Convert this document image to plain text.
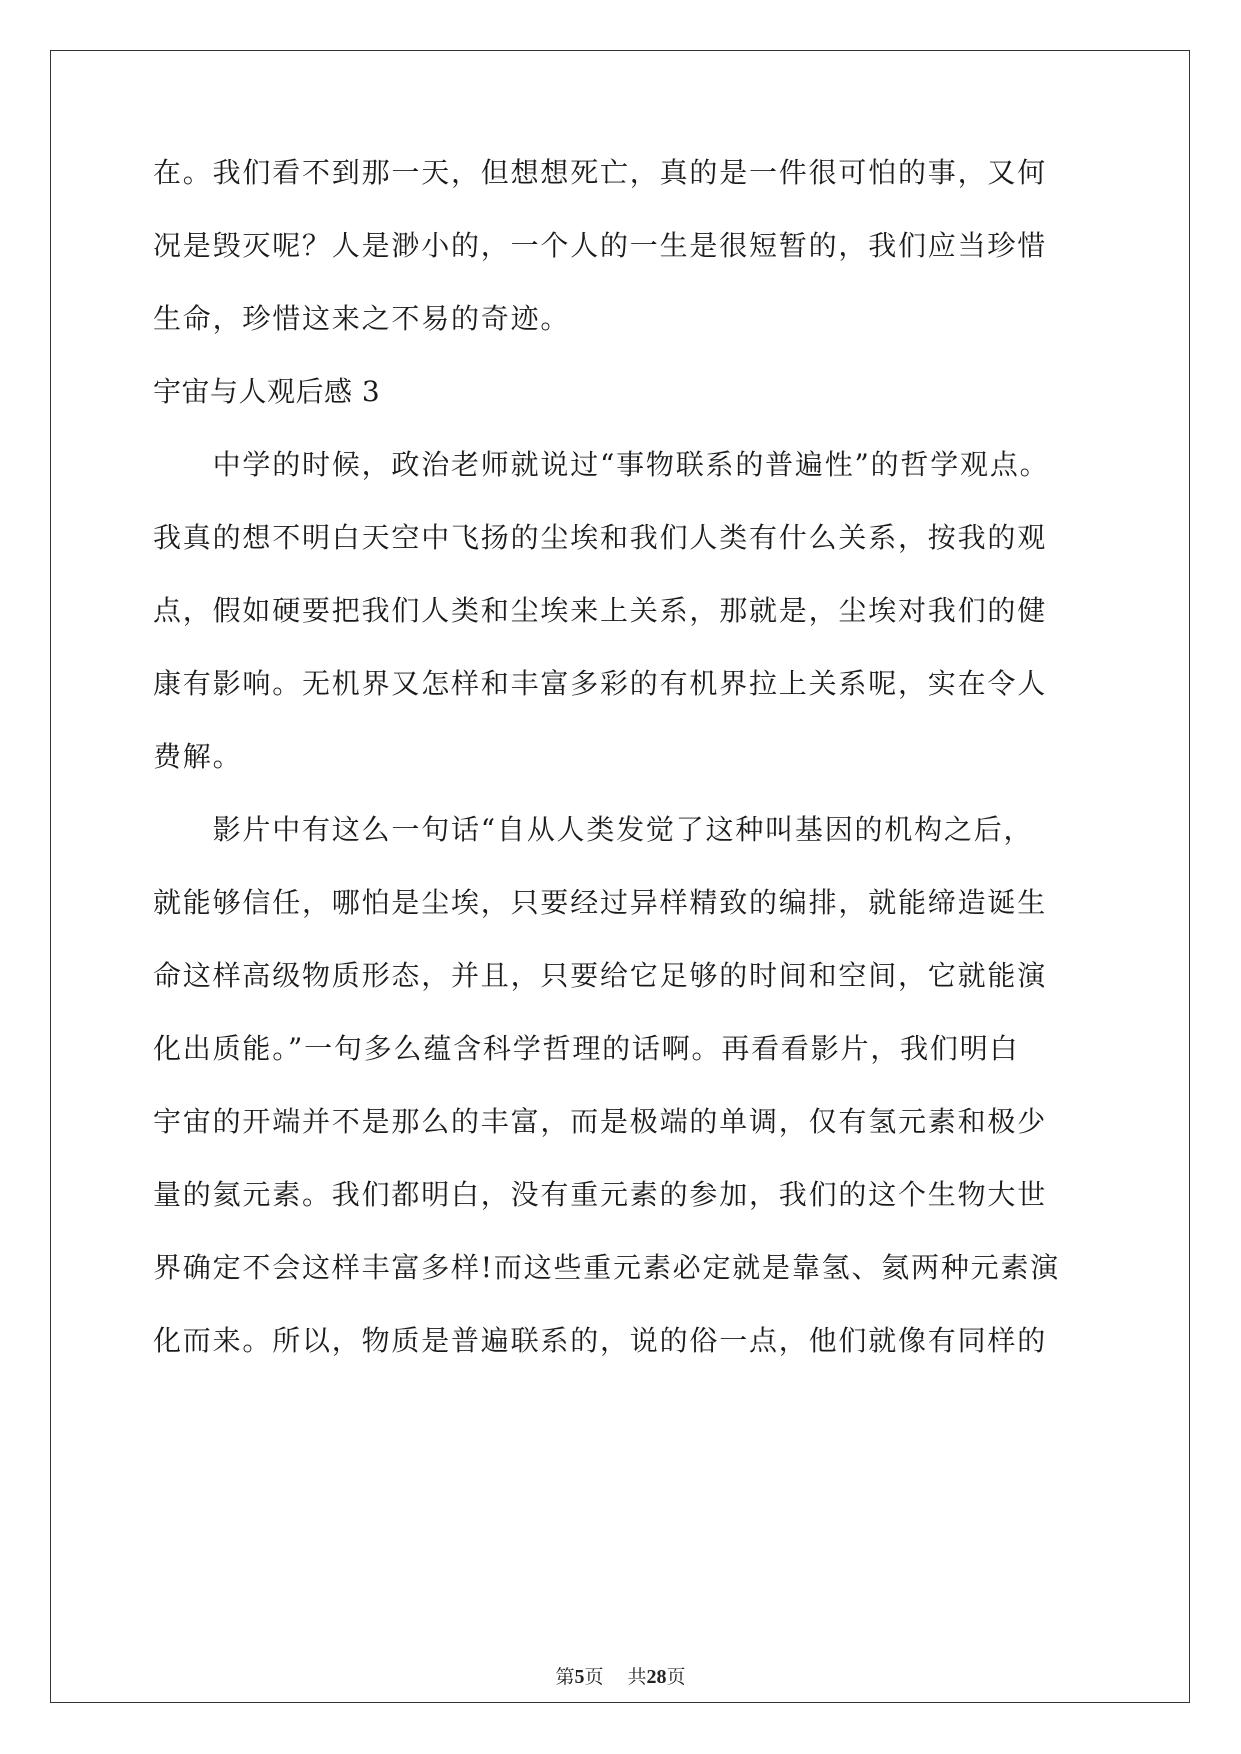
在。我们看不到那一天，但想想死亡，真的是一件很可怕的事，又何
况是毁灭呢？人是渺小的，一个人的一生是很短暂的，我们应当珍惜
生命，珍惜这来之不易的奇迹。
宇宙与人观后感 3
　　中学的时候，政治老师就说过“事物联系的普遍性”的哲学观点。
我真的想不明白天空中飞扬的尘埃和我们人类有什么关系，按我的观
点，假如硬要把我们人类和尘埃来上关系，那就是，尘埃对我们的健
康有影响。无机界又怎样和丰富多彩的有机界拉上关系呢，实在令人
费解。
　　影片中有这么一句话“自从人类发觉了这种叫基因的机构之后，
就能够信任，哪怕是尘埃，只要经过异样精致的编排，就能缔造诞生
命这样高级物质形态，并且，只要给它足够的时间和空间，它就能演
化出质能。”一句多么蕴含科学哲理的话啊。再看看影片，我们明白
宇宙的开端并不是那么的丰富，而是极端的单调，仅有氢元素和极少
量的氦元素。我们都明白，没有重元素的参加，我们的这个生物大世
界确定不会这样丰富多样!而这些重元素必定就是靠氢、氦两种元素演
化而来。所以，物质是普遍联系的，说的俗一点，他们就像有同样的
第5页 共28页
